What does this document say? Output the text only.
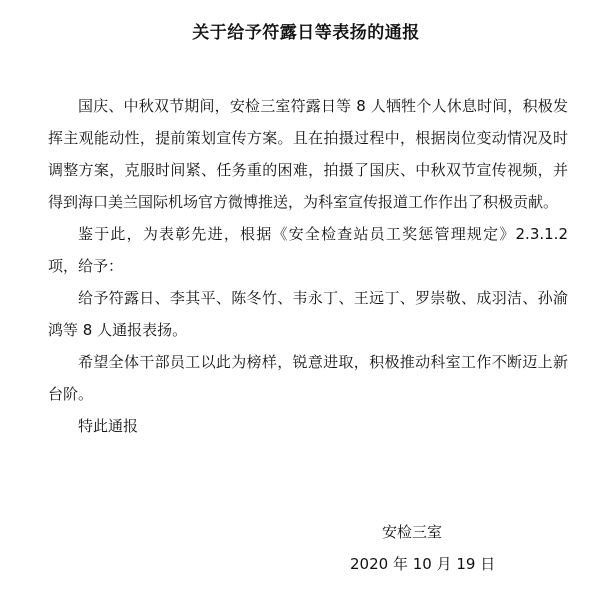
关于给予符露日等表扬的通报

国庆、中秋双节期间，安检三室符露日等 8 人牺牲个人休息时间，积极发挥主观能动性，提前策划宣传方案。且在拍摄过程中，根据岗位变动情况及时调整方案，克服时间紧、任务重的困难，拍摄了国庆、中秋双节宣传视频，并得到海口美兰国际机场官方微博推送，为科室宣传报道工作作出了积极贡献。

鉴于此，为表彰先进，根据《安全检查站员工奖惩管理规定》2.3.1.2 项，给予：

给予符露日、李其平、陈冬竹、韦永丁、王远丁、罗崇敬、成羽洁、孙渝鸿等 8 人通报表扬。

希望全体干部员工以此为榜样，锐意进取，积极推动科室工作不断迈上新台阶。

特此通报

安检三室
2020 年 10 月 19 日
